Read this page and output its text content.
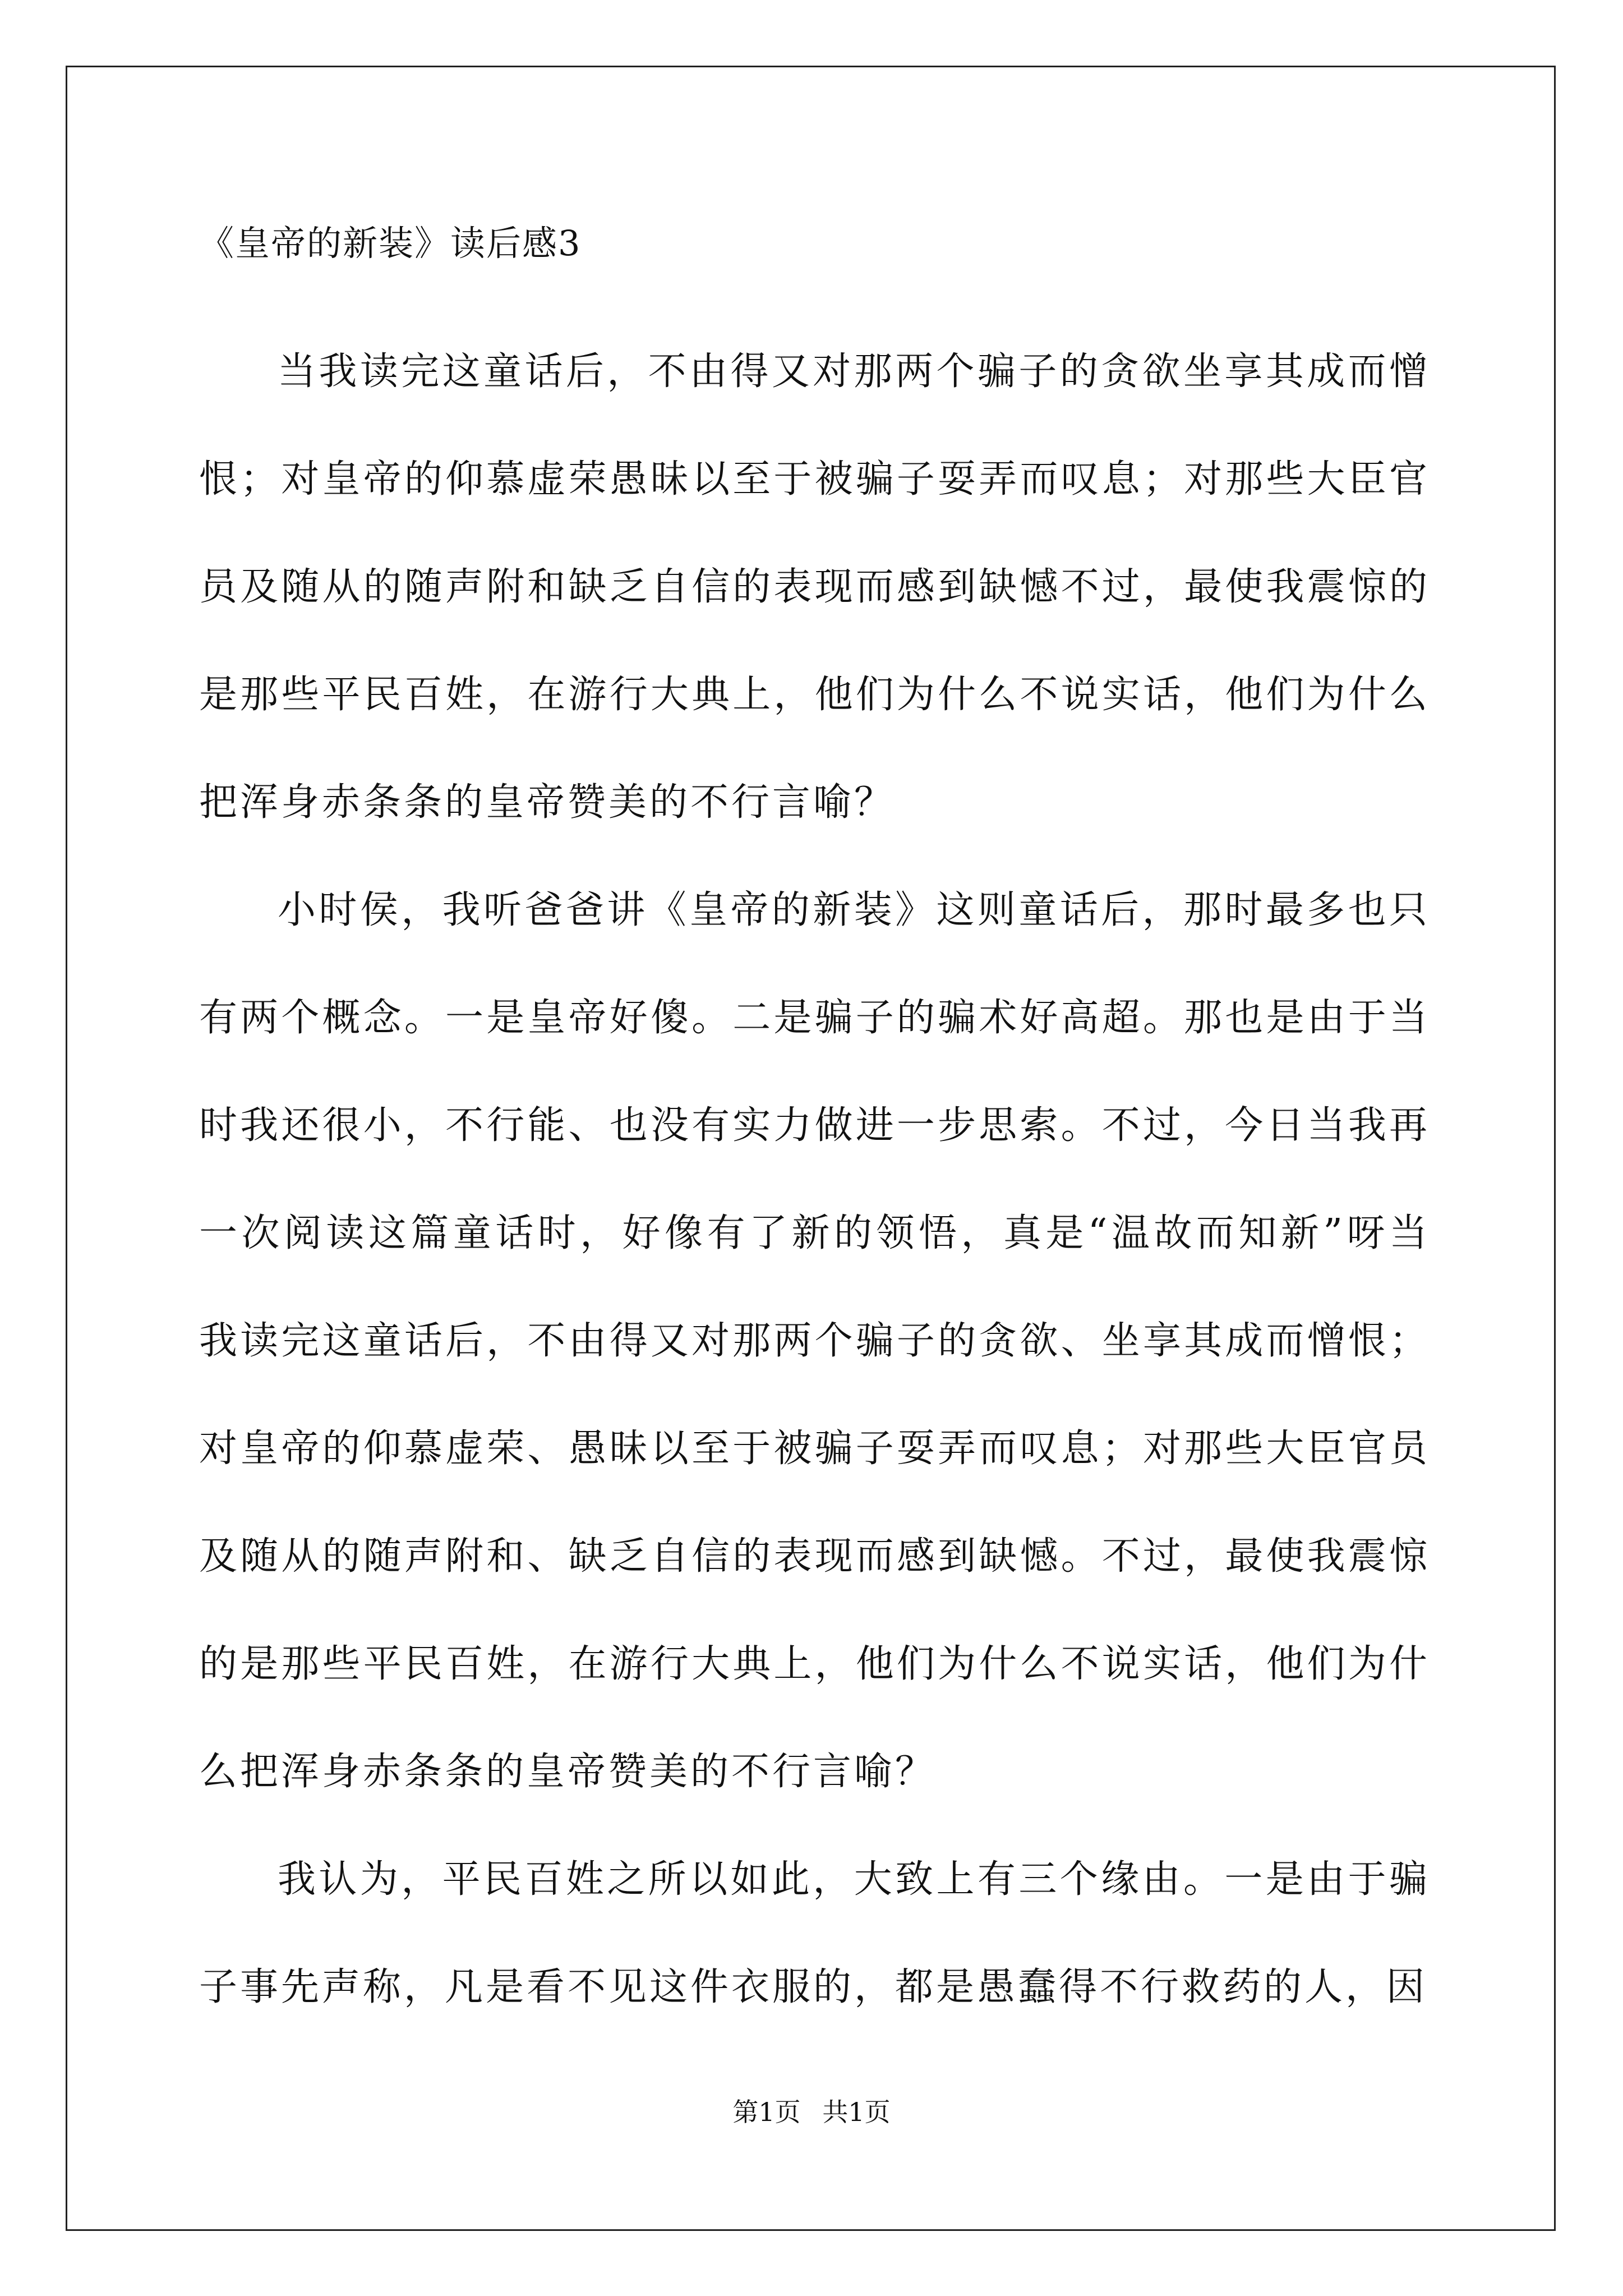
《皇帝的新装》读后感3

当我读完这童话后，不由得又对那两个骗子的贪欲坐享其成而憎恨；对皇帝的仰慕虚荣愚昧以至于被骗子耍弄而叹息；对那些大臣官员及随从的随声附和缺乏自信的表现而感到缺憾不过，最使我震惊的是那些平民百姓，在游行大典上，他们为什么不说实话，他们为什么把浑身赤条条的皇帝赞美的不行言喻？

小时侯，我听爸爸讲《皇帝的新装》这则童话后，那时最多也只有两个概念。一是皇帝好傻。二是骗子的骗术好高超。那也是由于当时我还很小，不行能、也没有实力做进一步思索。不过，今日当我再一次阅读这篇童话时，好像有了新的领悟，真是“温故而知新”呀当我读完这童话后，不由得又对那两个骗子的贪欲、坐享其成而憎恨；对皇帝的仰慕虚荣、愚昧以至于被骗子耍弄而叹息；对那些大臣官员及随从的随声附和、缺乏自信的表现而感到缺憾。不过，最使我震惊的是那些平民百姓，在游行大典上，他们为什么不说实话，他们为什么把浑身赤条条的皇帝赞美的不行言喻？

我认为，平民百姓之所以如此，大致上有三个缘由。一是由于骗子事先声称，凡是看不见这件衣服的，都是愚蠢得不行救药的人，因

第1页 共1页
